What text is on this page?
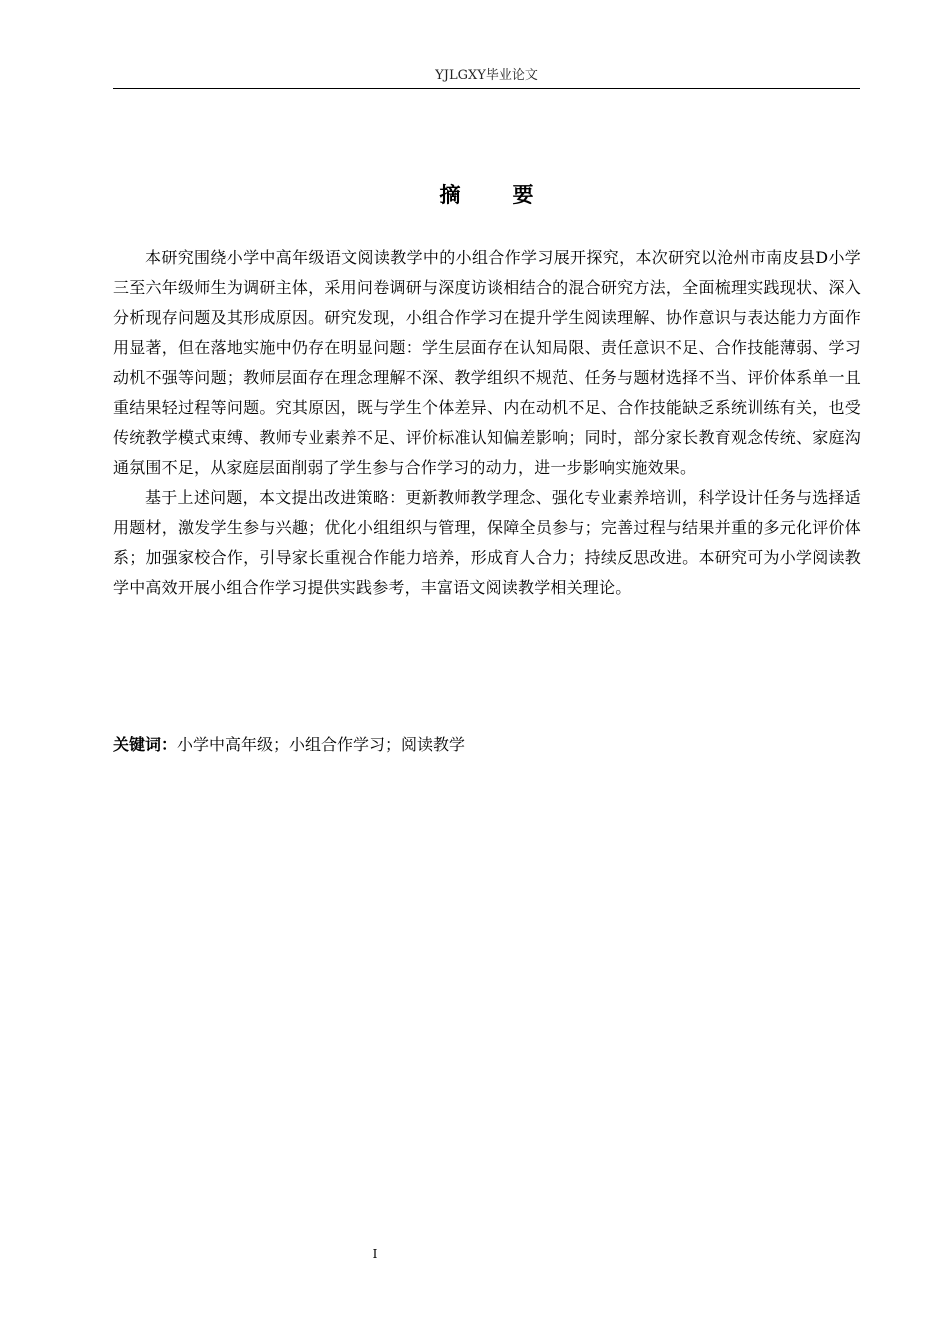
YJLGXY毕业论文
摘 要

本研究围绕小学中高年级语文阅读教学中的小组合作学习展开探究，本次研究以沧州市南皮县D小学三至六年级师生为调研主体，采用问卷调研与深度访谈相结合的混合研究方法，全面梳理实践现状、深入分析现存问题及其形成原因。研究发现，小组合作学习在提升学生阅读理解、协作意识与表达能力方面作用显著，但在落地实施中仍存在明显问题：学生层面存在认知局限、责任意识不足、合作技能薄弱、学习动机不强等问题；教师层面存在理念理解不深、教学组织不规范、任务与题材选择不当、评价体系单一且重结果轻过程等问题。究其原因，既与学生个体差异、内在动机不足、合作技能缺乏系统训练有关，也受传统教学模式束缚、教师专业素养不足、评价标准认知偏差影响；同时，部分家长教育观念传统、家庭沟通氛围不足，从家庭层面削弱了学生参与合作学习的动力，进一步影响实施效果。

基于上述问题，本文提出改进策略：更新教师教学理念、强化专业素养培训，科学设计任务与选择适用题材，激发学生参与兴趣；优化小组组织与管理，保障全员参与；完善过程与结果并重的多元化评价体系；加强家校合作，引导家长重视合作能力培养，形成育人合力；持续反思改进。本研究可为小学阅读教学中高效开展小组合作学习提供实践参考，丰富语文阅读教学相关理论。

关键词：小学中高年级；小组合作学习；阅读教学
I
